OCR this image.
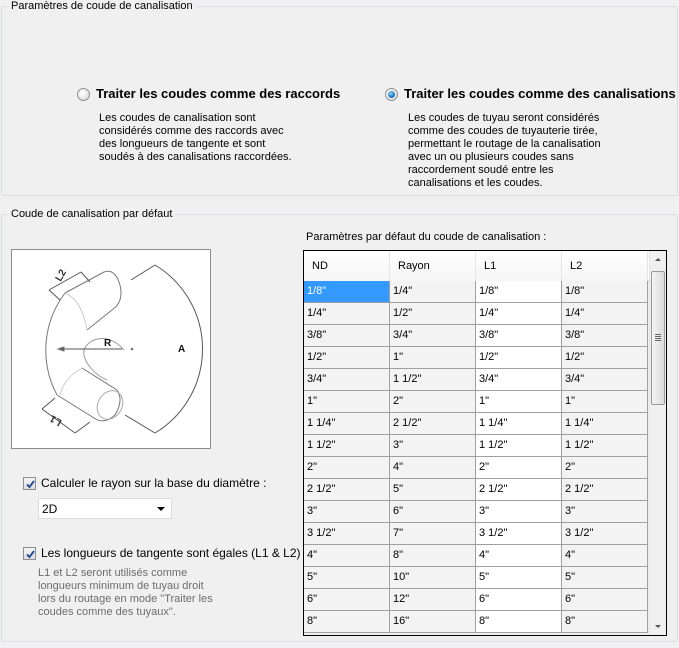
Paramètres de coude de canalisation
Traiter les coudes comme des raccords
Les coudes de canalisation sont
considérés comme des raccords avec
des longueurs de tangente et sont
soudés à des canalisations raccordées.
Traiter les coudes comme des canalisations
Les coudes de tuyau seront considérés
comme des coudes de tuyauterie tirée,
permettant le routage de la canalisation
avec un ou plusieurs coudes sans
raccordement soudé entre les
canalisations et les coudes.
Coude de canalisation par défaut
L2
L1
R
A
Calculer le rayon sur la base du diamètre :
2D
Les longueurs de tangente sont égales (L1 & L2)
L1 et L2 seront utilisés comme
longueurs minimum de tuyau droit
lors du routage en mode "Traiter les
coudes comme des tuyaux".
Paramètres par défaut du coude de canalisation :
ND	Rayon	L1	L2
1/8"	1/4"	1/8"	1/8"
1/4"	1/2"	1/4"	1/4"
3/8"	3/4"	3/8"	3/8"
1/2"	1"	1/2"	1/2"
3/4"	1 1/2"	3/4"	3/4"
1"	2"	1"	1"
1 1/4"	2 1/2"	1 1/4"	1 1/4"
1 1/2"	3"	1 1/2"	1 1/2"
2"	4"	2"	2"
2 1/2"	5"	2 1/2"	2 1/2"
3"	6"	3"	3"
3 1/2"	7"	3 1/2"	3 1/2"
4"	8"	4"	4"
5"	10"	5"	5"
6"	12"	6"	6"
8"	16"	8"	8"
